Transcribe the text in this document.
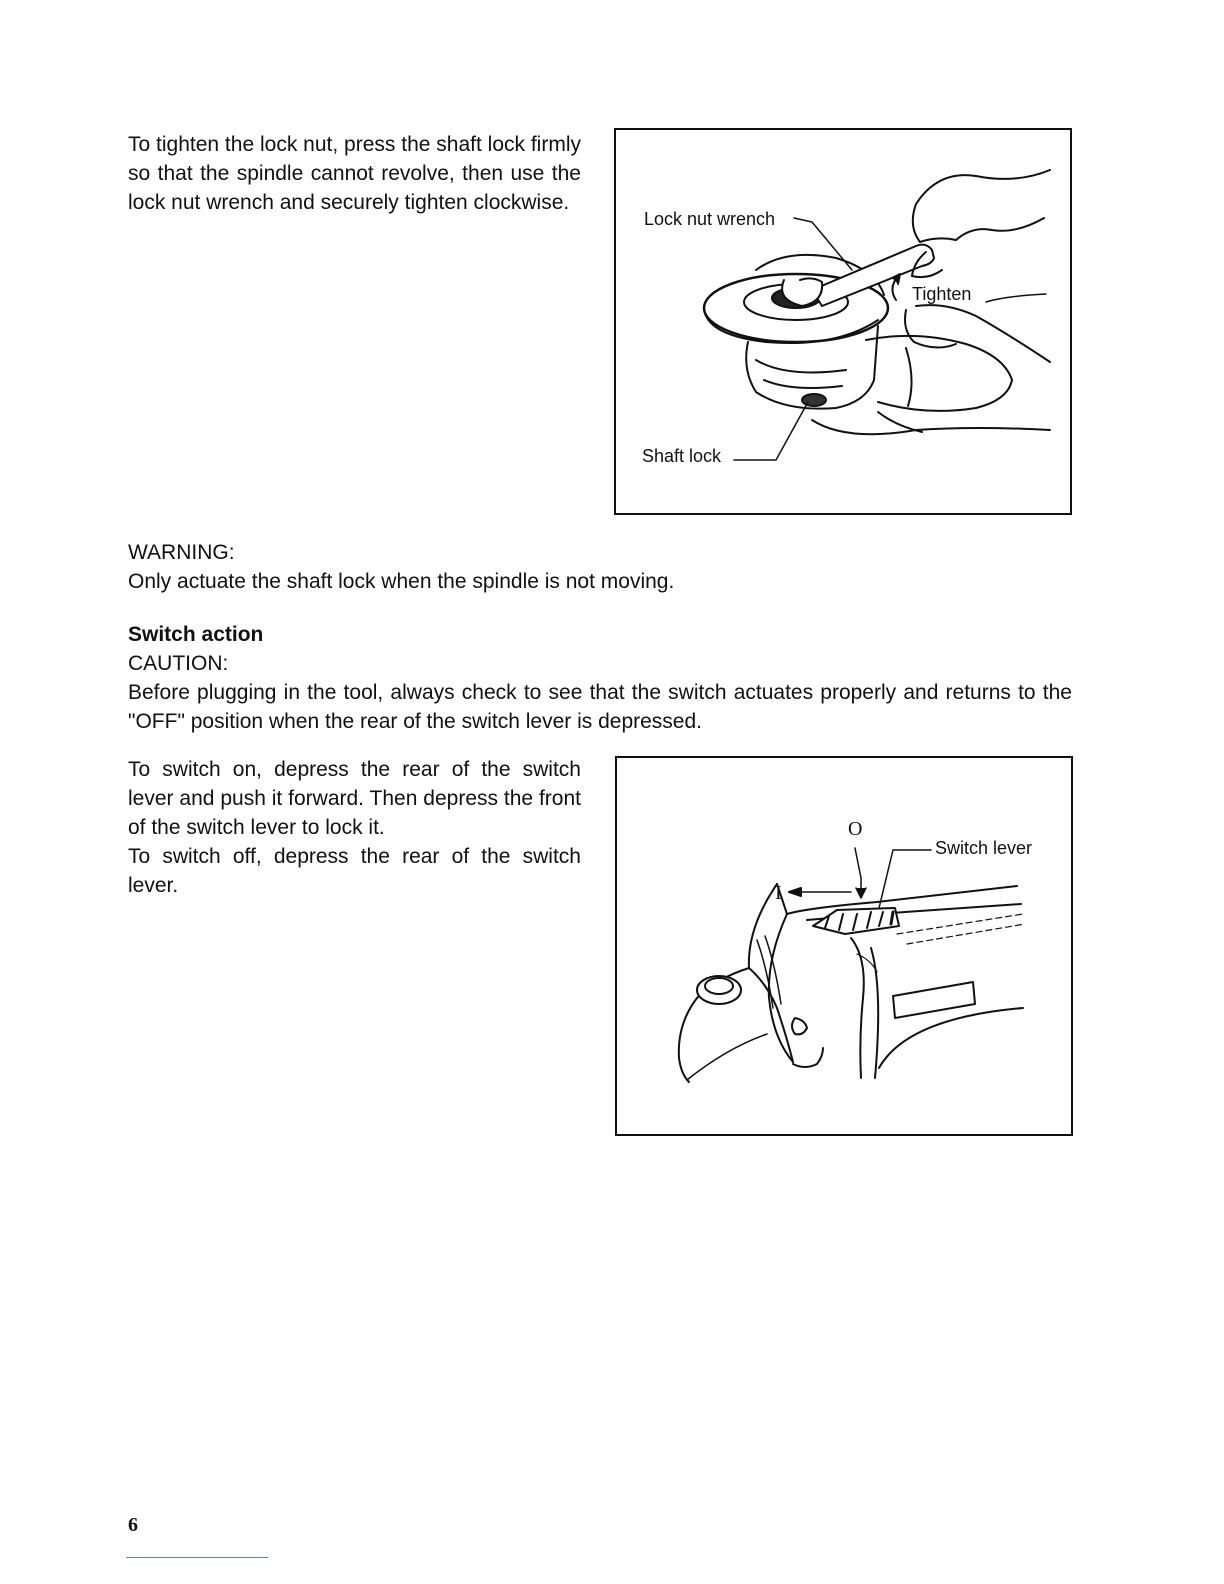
To tighten the lock nut, press the shaft lock firmly so that the spindle cannot revolve, then use the lock nut wrench and securely tighten clockwise.
Lock nut wrench
Tighten
Shaft lock
WARNING:
Only actuate the shaft lock when the spindle is not moving.
Switch action
CAUTION:
Before plugging in the tool, always check to see that the switch actuates properly and returns to the "OFF" position when the rear of the switch lever is depressed.
To switch on, depress the rear of the switch lever and push it forward. Then depress the front of the switch lever to lock it.
To switch off, depress the rear of the switch lever.
O
I
Switch lever
6
